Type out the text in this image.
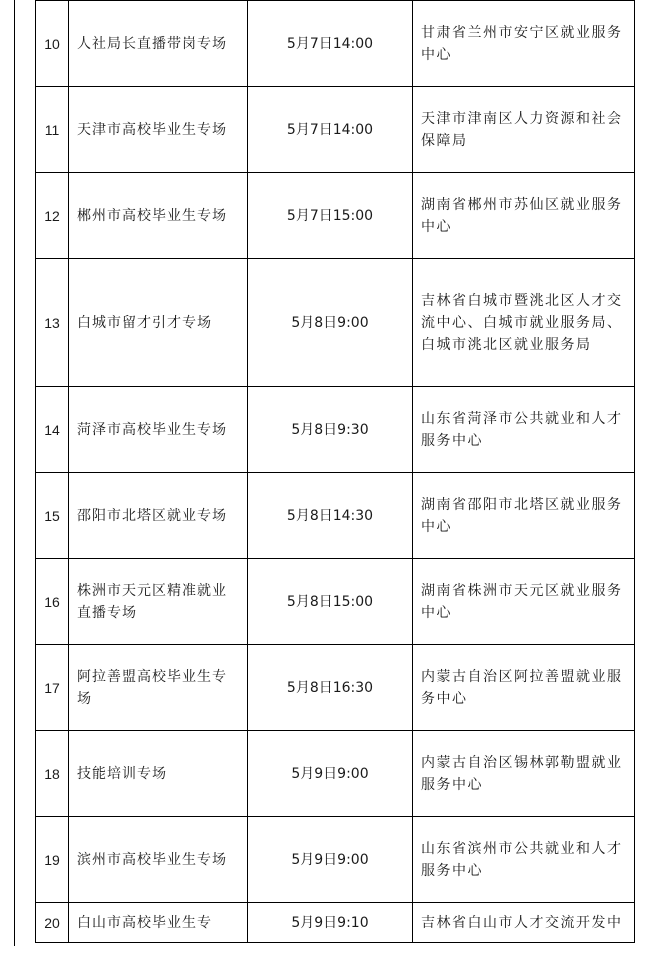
10	人社局长直播带岗专场	5月7日14:00	甘肃省兰州市安宁区就业服务中心
11	天津市高校毕业生专场	5月7日14:00	天津市津南区人力资源和社会保障局
12	郴州市高校毕业生专场	5月7日15:00	湖南省郴州市苏仙区就业服务中心
13	白城市留才引才专场	5月8日9:00	吉林省白城市暨洮北区人才交流中心、白城市就业服务局、白城市洮北区就业服务局
14	菏泽市高校毕业生专场	5月8日9:30	山东省菏泽市公共就业和人才服务中心
15	邵阳市北塔区就业专场	5月8日14:30	湖南省邵阳市北塔区就业服务中心
16	株洲市天元区精准就业直播专场	5月8日15:00	湖南省株洲市天元区就业服务中心
17	阿拉善盟高校毕业生专场	5月8日16:30	内蒙古自治区阿拉善盟就业服务中心
18	技能培训专场	5月9日9:00	内蒙古自治区锡林郭勒盟就业服务中心
19	滨州市高校毕业生专场	5月9日9:00	山东省滨州市公共就业和人才服务中心
20	白山市高校毕业生专	5月9日9:10	吉林省白山市人才交流开发中
